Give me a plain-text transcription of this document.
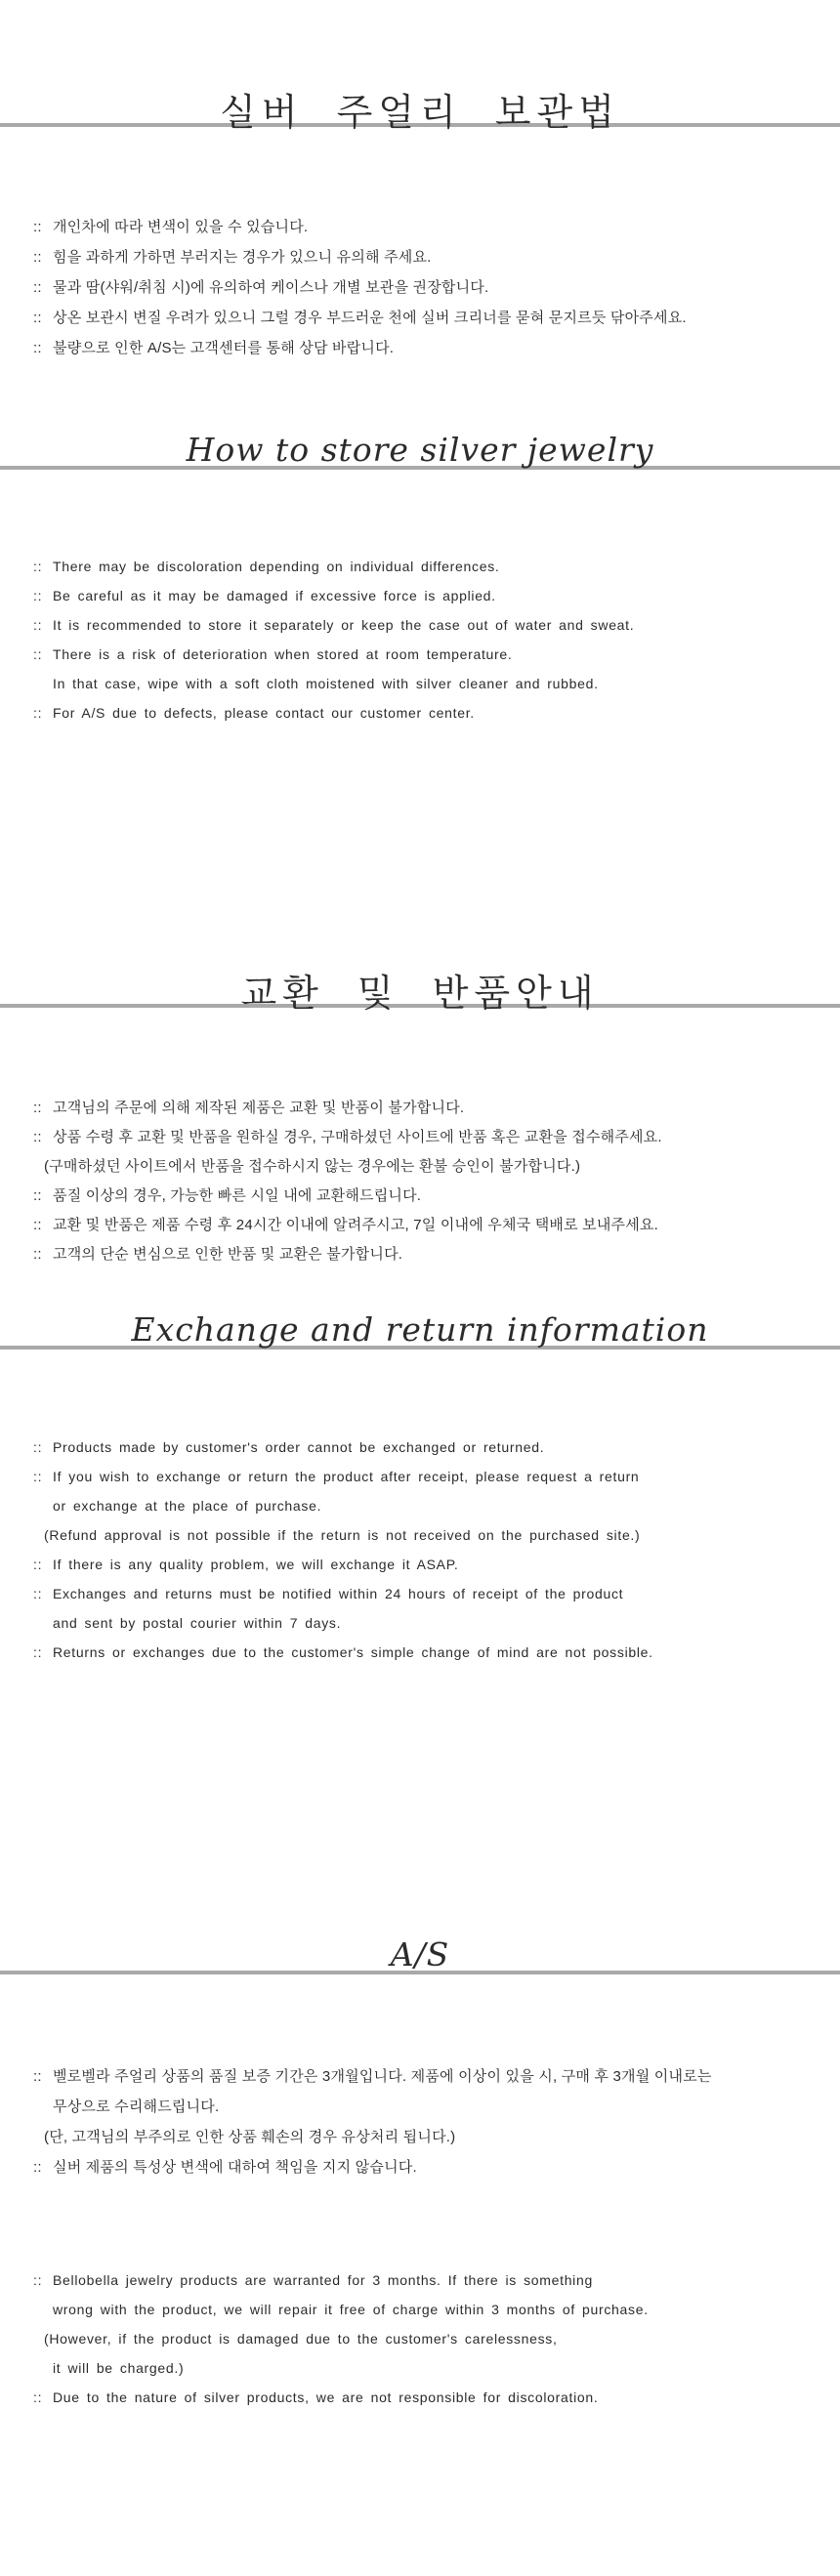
실버 주얼리 보관법
:: 개인차에 따라 변색이 있을 수 있습니다.
:: 힘을 과하게 가하면 부러지는 경우가 있으니 유의해 주세요.
:: 물과 땀(샤워/취침 시)에 유의하여 케이스나 개별 보관을 권장합니다.
:: 상온 보관시 변질 우려가 있으니 그럴 경우 부드러운 천에 실버 크리너를 묻혀 문지르듯 닦아주세요.
:: 불량으로 인한 A/S는 고객센터를 통해 상담 바랍니다.
How to store silver jewelry
:: There may be discoloration depending on individual differences.
:: Be careful as it may be damaged if excessive force is applied.
:: It is recommended to store it separately or keep the case out of water and sweat.
:: There is a risk of deterioration when stored at room temperature.
In that case, wipe with a soft cloth moistened with silver cleaner and rubbed.
:: For A/S due to defects, please contact our customer center.
교환 및 반품안내
:: 고객님의 주문에 의해 제작된 제품은 교환 및 반품이 불가합니다.
:: 상품 수령 후 교환 및 반품을 원하실 경우, 구매하셨던 사이트에 반품 혹은 교환을 접수해주세요.
(구매하셨던 사이트에서 반품을 접수하시지 않는 경우에는 환불 승인이 불가합니다.)
:: 품질 이상의 경우, 가능한 빠른 시일 내에 교환해드립니다.
:: 교환 및 반품은 제품 수령 후 24시간 이내에 알려주시고, 7일 이내에 우체국 택배로 보내주세요.
:: 고객의 단순 변심으로 인한 반품 및 교환은 불가합니다.
Exchange and return information
:: Products made by customer's order cannot be exchanged or returned.
:: If you wish to exchange or return the product after receipt, please request a return
or exchange at the place of purchase.
(Refund approval is not possible if the return is not received on the purchased site.)
:: If there is any quality problem, we will exchange it ASAP.
:: Exchanges and returns must be notified within 24 hours of receipt of the product
and sent by postal courier within 7 days.
:: Returns or exchanges due to the customer's simple change of mind are not possible.
A/S
:: 벨로벨라 주얼리 상품의 품질 보증 기간은 3개월입니다. 제품에 이상이 있을 시, 구매 후 3개월 이내로는
무상으로 수리해드립니다.
(단, 고객님의 부주의로 인한 상품 훼손의 경우 유상처리 됩니다.)
:: 실버 제품의 특성상 변색에 대하여 책임을 지지 않습니다.
:: Bellobella jewelry products are warranted for 3 months. If there is something
wrong with the product, we will repair it free of charge within 3 months of purchase.
(However, if the product is damaged due to the customer's carelessness,
it will be charged.)
:: Due to the nature of silver products, we are not responsible for discoloration.
